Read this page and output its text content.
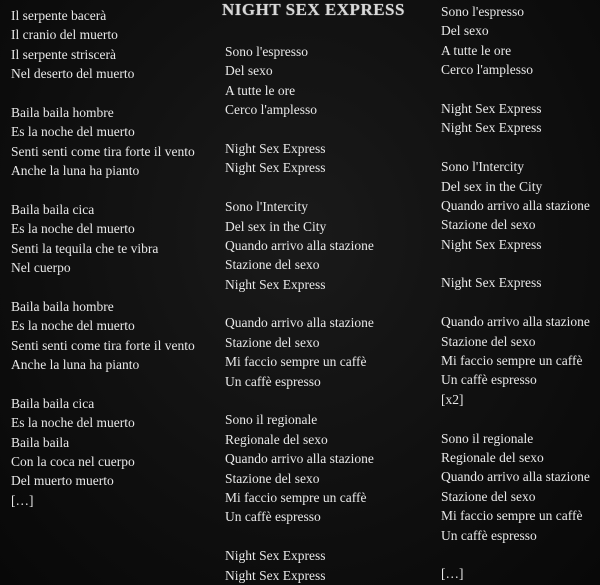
NIGHT SEX EXPRESS
Il serpente bacerà
Il cranio del muerto
Il serpente striscerà
Nel deserto del muerto
Baila baila hombre
Es la noche del muerto
Senti senti come tira forte il vento
Anche la luna ha pianto
Baila baila cica
Es la noche del muerto
Senti la tequila che te vibra
Nel cuerpo
Baila baila hombre
Es la noche del muerto
Senti senti come tira forte il vento
Anche la luna ha pianto
Baila baila cica
Es la noche del muerto
Baila baila
Con la coca nel cuerpo
Del muerto muerto
[…]
Sono l'espresso
Del sexo
A tutte le ore
Cerco l'amplesso
Night Sex Express
Night Sex Express
Sono l'Intercity
Del sex in the City
Quando arrivo alla stazione
Stazione del sexo
Night Sex Express
Quando arrivo alla stazione
Stazione del sexo
Mi faccio sempre un caffè
Un caffè espresso
Sono il regionale
Regionale del sexo
Quando arrivo alla stazione
Stazione del sexo
Mi faccio sempre un caffè
Un caffè espresso
Night Sex Express
Night Sex Express
Sono l'espresso
Del sexo
A tutte le ore
Cerco l'amplesso
Night Sex Express
Night Sex Express
Sono l'Intercity
Del sex in the City
Quando arrivo alla stazione
Stazione del sexo
Night Sex Express
Night Sex Express
Quando arrivo alla stazione
Stazione del sexo
Mi faccio sempre un caffè
Un caffè espresso
[x2]
Sono il regionale
Regionale del sexo
Quando arrivo alla stazione
Stazione del sexo
Mi faccio sempre un caffè
Un caffè espresso
[…]
